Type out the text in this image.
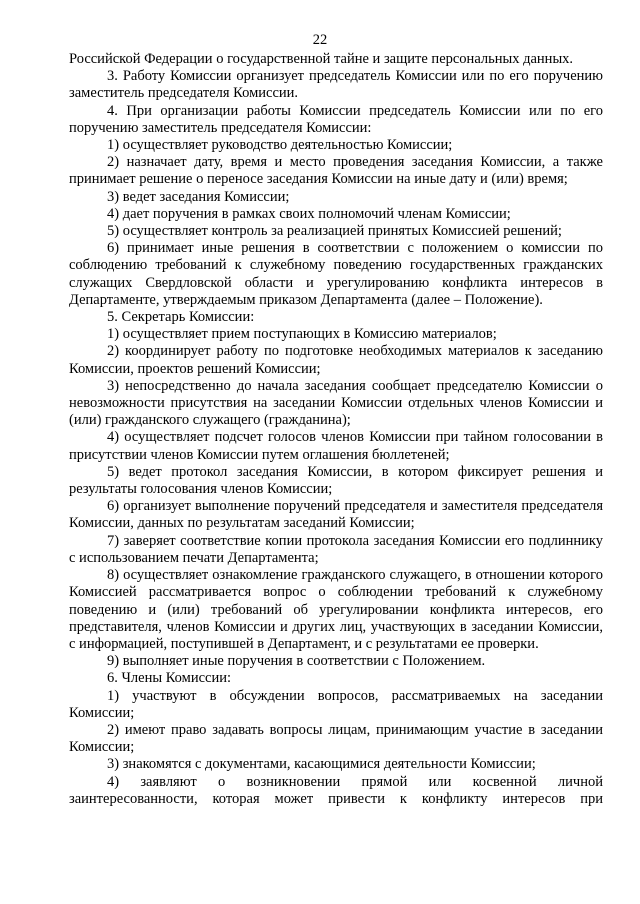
22

Российской Федерации о государственной тайне и защите персональных данных.

3. Работу Комиссии организует председатель Комиссии или по его поручению заместитель председателя Комиссии.

4. При организации работы Комиссии председатель Комиссии или по его поручению заместитель председателя Комиссии:

1) осуществляет руководство деятельностью Комиссии;

2) назначает дату, время и место проведения заседания Комиссии, а также принимает решение о переносе заседания Комиссии на иные дату и (или) время;

3) ведет заседания Комиссии;

4) дает поручения в рамках своих полномочий членам Комиссии;

5) осуществляет контроль за реализацией принятых Комиссией решений;

6) принимает иные решения в соответствии с положением о комиссии по соблюдению требований к служебному поведению государственных гражданских служащих Свердловской области и урегулированию конфликта интересов в Департаменте, утверждаемым приказом Департамента (далее – Положение).

5. Секретарь Комиссии:

1) осуществляет прием поступающих в Комиссию материалов;

2) координирует работу по подготовке необходимых материалов к заседанию Комиссии, проектов решений Комиссии;

3) непосредственно до начала заседания сообщает председателю Комиссии о невозможности присутствия на заседании Комиссии отдельных членов Комиссии и (или) гражданского служащего (гражданина);

4) осуществляет подсчет голосов членов Комиссии при тайном голосовании в присутствии членов Комиссии путем оглашения бюллетеней;

5) ведет протокол заседания Комиссии, в котором фиксирует решения и результаты голосования членов Комиссии;

6) организует выполнение поручений председателя и заместителя председателя Комиссии, данных по результатам заседаний Комиссии;

7) заверяет соответствие копии протокола заседания Комиссии его подлиннику с использованием печати Департамента;

8) осуществляет ознакомление гражданского служащего, в отношении которого Комиссией рассматривается вопрос о соблюдении требований к служебному поведению и (или) требований об урегулировании конфликта интересов, его представителя, членов Комиссии и других лиц, участвующих в заседании Комиссии, с информацией, поступившей в Департамент, и с результатами ее проверки.

9) выполняет иные поручения в соответствии с Положением.

6. Члены Комиссии:

1) участвуют в обсуждении вопросов, рассматриваемых на заседании Комиссии;

2) имеют право задавать вопросы лицам, принимающим участие в заседании Комиссии;

3) знакомятся с документами, касающимися деятельности Комиссии;

4) заявляют о возникновении прямой или косвенной личной заинтересованности, которая может привести к конфликту интересов при
